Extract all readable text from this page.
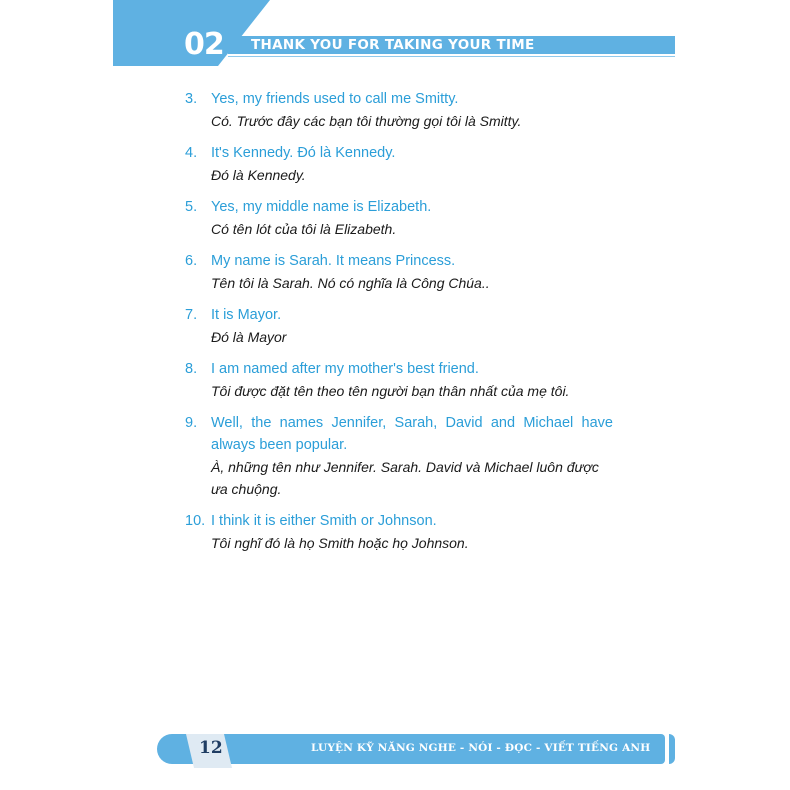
02 THANK YOU FOR TAKING YOUR TIME
3. Yes, my friends used to call me Smitty.
Có. Trước đây các bạn tôi thường gọi tôi là Smitty.
4. It's Kennedy. Đó là Kennedy.
Đó là Kennedy.
5. Yes, my middle name is Elizabeth.
Có tên lót của tôi là Elizabeth.
6. My name is Sarah. It means Princess.
Tên tôi là Sarah. Nó có nghĩa là Công Chúa..
7. It is Mayor.
Đó là Mayor
8. I am named after my mother's best friend.
Tôi được đặt tên theo tên người bạn thân nhất của mẹ tôi.
9. Well, the names Jennifer, Sarah, David and Michael have always been popular.
À, những tên như Jennifer. Sarah. David và Michael luôn được ưa chuộng.
10. I think it is either Smith or Johnson.
Tôi nghĩ đó là họ Smith hoặc họ Johnson.
12	LUYỆN KỸ NĂNG NGHE - NÓI - ĐỌC - VIẾT TIẾNG ANH
